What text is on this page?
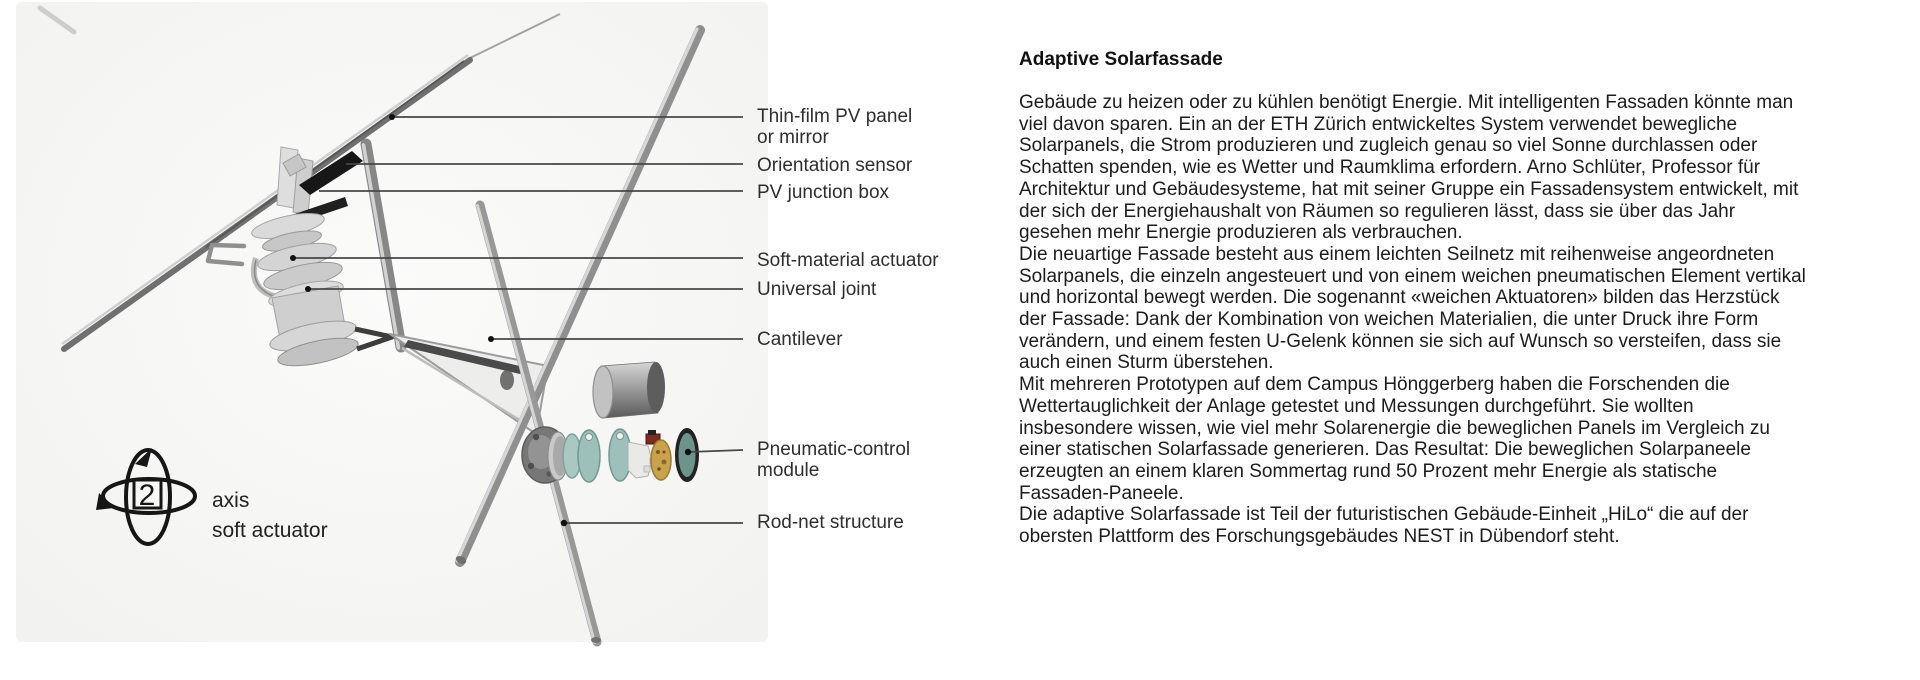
2
Thin-film PV panel
or mirror
Orientation sensor
PV junction box
Soft-material actuator
Universal joint
Cantilever
Pneumatic-control
module
Rod-net structure
axis
soft actuator
Adaptive Solarfassade
Gebäude zu heizen oder zu kühlen benötigt Energie. Mit intelligenten Fassaden könnte man
viel davon sparen. Ein an der ETH Zürich entwickeltes System verwendet bewegliche
Solarpanels, die Strom produzieren und zugleich genau so viel Sonne durchlassen oder
Schatten spenden, wie es Wetter und Raumklima erfordern. Arno Schlüter, Professor für
Architektur und Gebäudesysteme, hat mit seiner Gruppe ein Fassadensystem entwickelt, mit
der sich der Energiehaushalt von Räumen so regulieren lässt, dass sie über das Jahr
gesehen mehr Energie produzieren als verbrauchen.
Die neuartige Fassade besteht aus einem leichten Seilnetz mit reihenweise angeordneten
Solarpanels, die einzeln angesteuert und von einem weichen pneumatischen Element vertikal
und horizontal bewegt werden. Die sogenannt «weichen Aktuatoren» bilden das Herzstück
der Fassade: Dank der Kombination von weichen Materialien, die unter Druck ihre Form
verändern, und einem festen U-Gelenk können sie sich auf Wunsch so versteifen, dass sie
auch einen Sturm überstehen.
Mit mehreren Prototypen auf dem Campus Hönggerberg haben die Forschenden die
Wettertauglichkeit der Anlage getestet und Messungen durchgeführt. Sie wollten
insbesondere wissen, wie viel mehr Solarenergie die beweglichen Panels im Vergleich zu
einer statischen Solarfassade generieren. Das Resultat: Die beweglichen Solarpaneele
erzeugten an einem klaren Sommertag rund 50 Prozent mehr Energie als statische
Fassaden-Paneele.
Die adaptive Solarfassade ist Teil der futuristischen Gebäude-Einheit „HiLo“ die auf der
obersten Plattform des Forschungsgebäudes NEST in Dübendorf steht.
